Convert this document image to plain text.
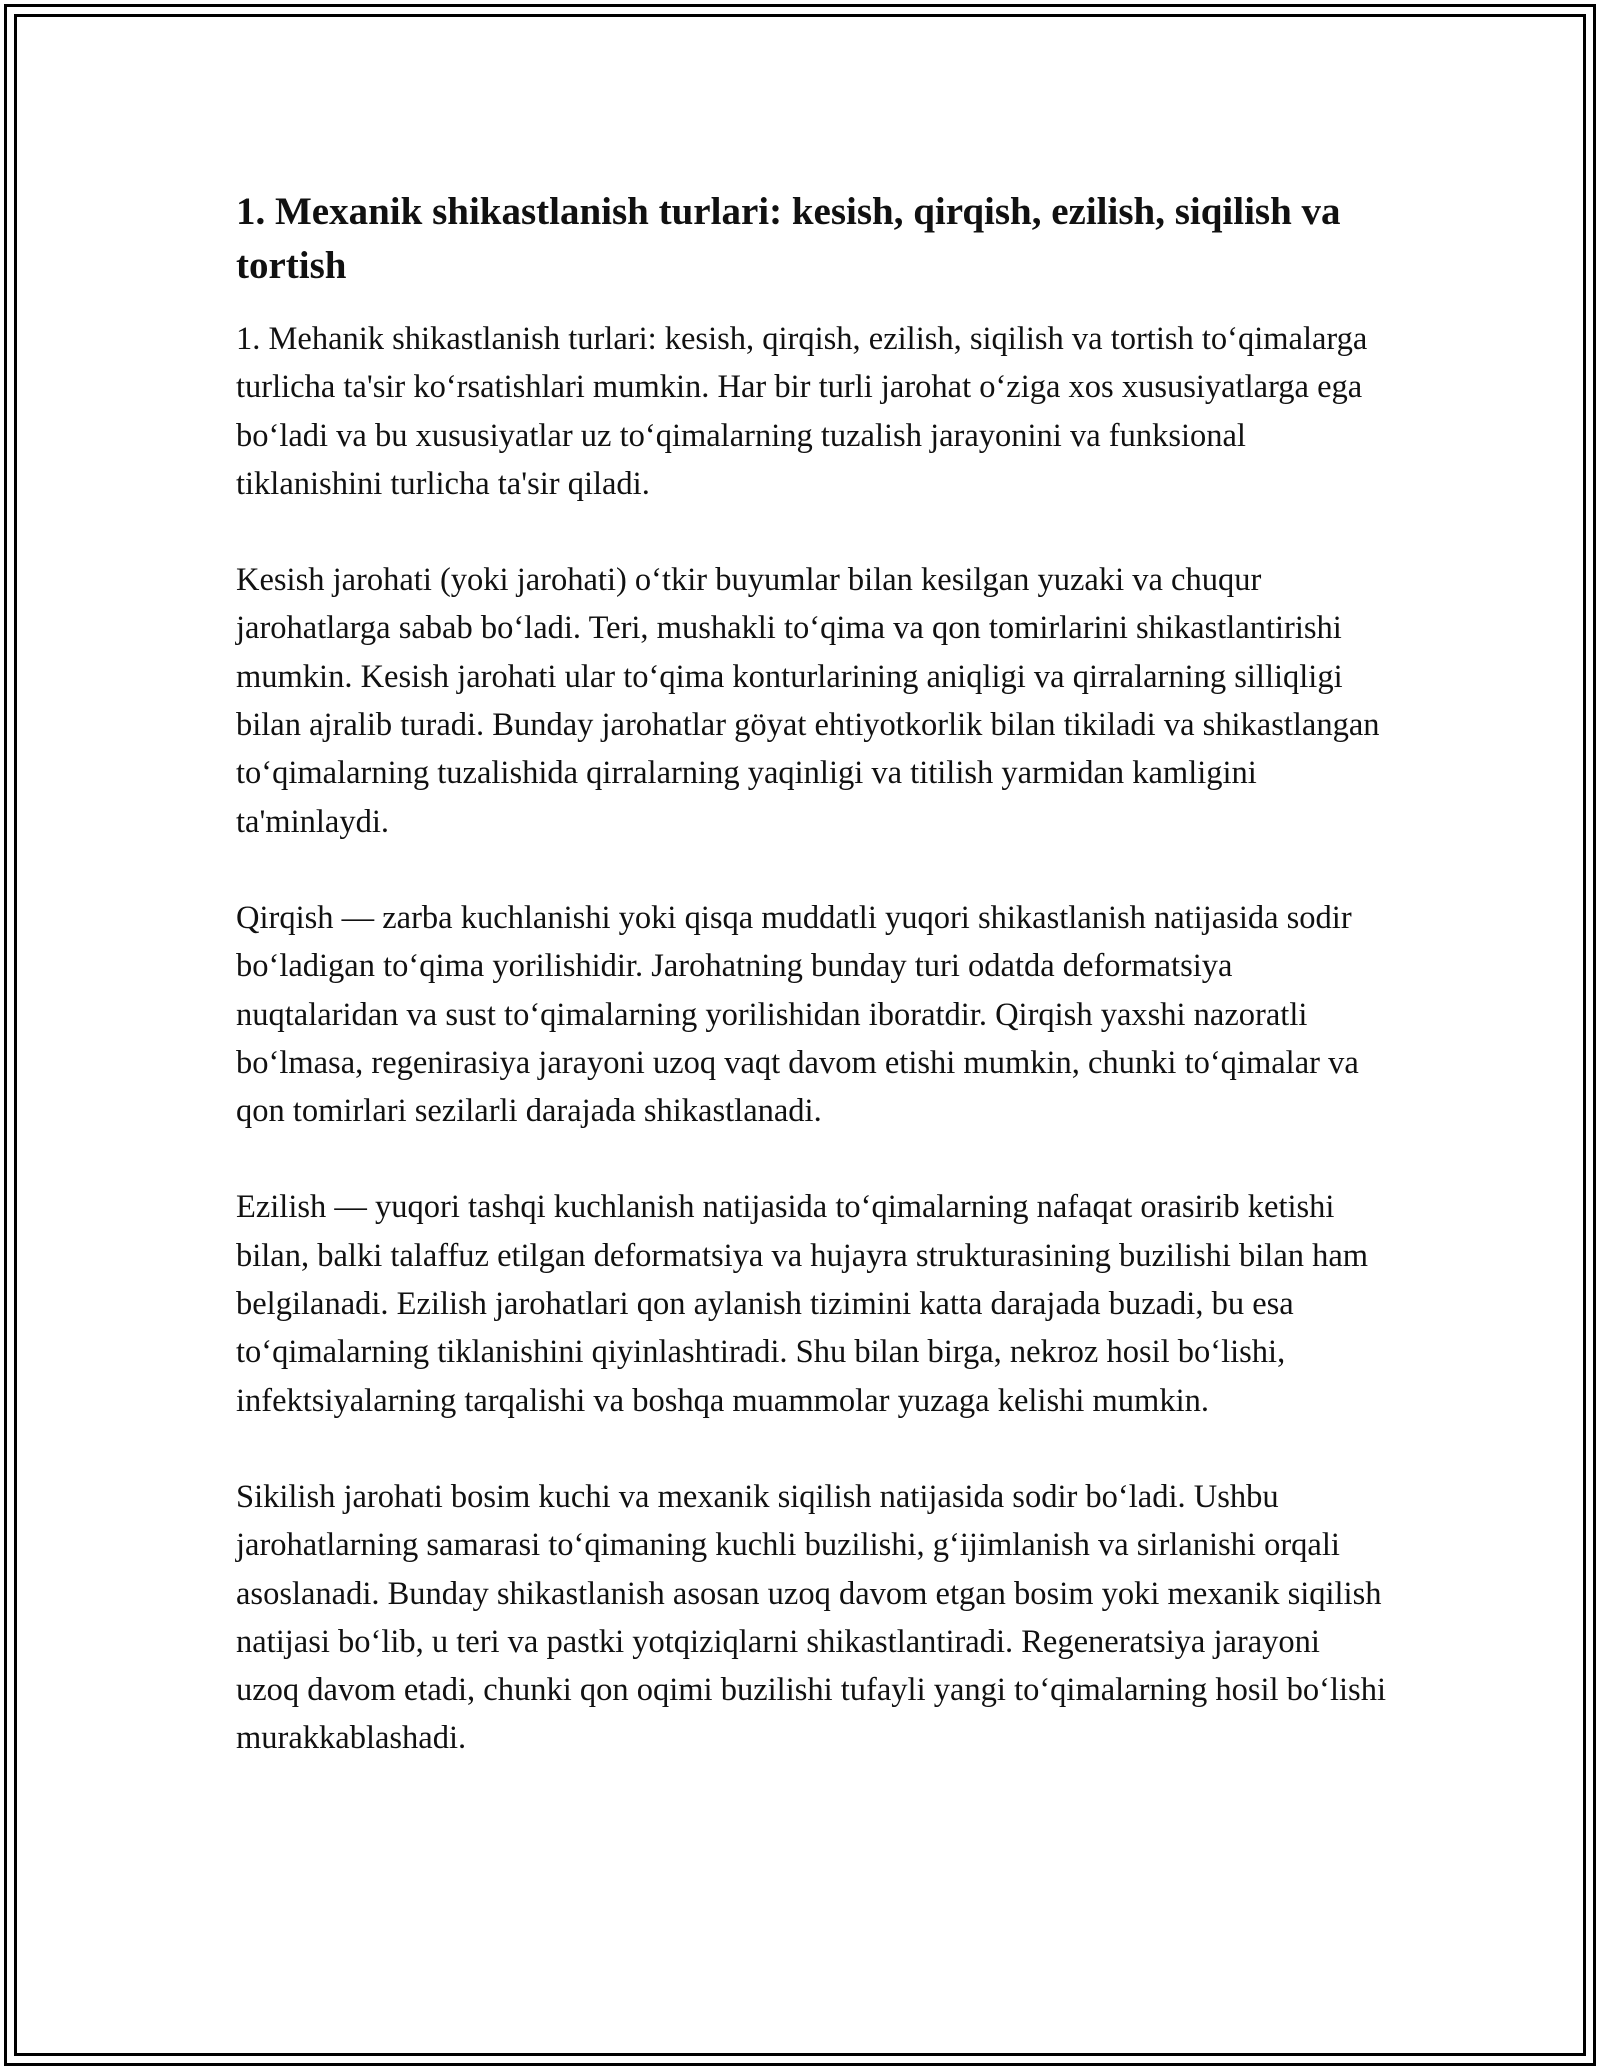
1. Mexanik shikastlanish turlari: kesish, qirqish, ezilish, siqilish va tortish

1. Mehanik shikastlanish turlari: kesish, qirqish, ezilish, siqilish va tortish to‘qimalarga turlicha ta'sir ko‘rsatishlari mumkin. Har bir turli jarohat o‘ziga xos xususiyatlarga ega bo‘ladi va bu xususiyatlar uz to‘qimalarning tuzalish jarayonini va funksional tiklanishini turlicha ta'sir qiladi.

Kesish jarohati (yoki jarohati) o‘tkir buyumlar bilan kesilgan yuzaki va chuqur jarohatlarga sabab bo‘ladi. Teri, mushakli to‘qima va qon tomirlarini shikastlantirishi mumkin. Kesish jarohati ular to‘qima konturlarining aniqligi va qirralarning silliqligi bilan ajralib turadi. Bunday jarohatlar göyat ehtiyotkorlik bilan tikiladi va shikastlangan to‘qimalarning tuzalishida qirralarning yaqinligi va titilish yarmidan kamligini ta'minlaydi.

Qirqish — zarba kuchlanishi yoki qisqa muddatli yuqori shikastlanish natijasida sodir bo‘ladigan to‘qima yorilishidir. Jarohatning bunday turi odatda deformatsiya nuqtalaridan va sust to‘qimalarning yorilishidan iboratdir. Qirqish yaxshi nazoratli bo‘lmasa, regenirasiya jarayoni uzoq vaqt davom etishi mumkin, chunki to‘qimalar va qon tomirlari sezilarli darajada shikastlanadi.

Ezilish — yuqori tashqi kuchlanish natijasida to‘qimalarning nafaqat orasirib ketishi bilan, balki talaffuz etilgan deformatsiya va hujayra strukturasining buzilishi bilan ham belgilanadi. Ezilish jarohatlari qon aylanish tizimini katta darajada buzadi, bu esa to‘qimalarning tiklanishini qiyinlashtiradi. Shu bilan birga, nekroz hosil bo‘lishi, infektsiyalarning tarqalishi va boshqa muammolar yuzaga kelishi mumkin.

Sikilish jarohati bosim kuchi va mexanik siqilish natijasida sodir bo‘ladi. Ushbu jarohatlarning samarasi to‘qimaning kuchli buzilishi, g‘ijimlanish va sirlanishi orqali asoslanadi. Bunday shikastlanish asosan uzoq davom etgan bosim yoki mexanik siqilish natijasi bo‘lib, u teri va pastki yotqiziqlarni shikastlantiradi. Regeneratsiya jarayoni uzoq davom etadi, chunki qon oqimi buzilishi tufayli yangi to‘qimalarning hosil bo‘lishi murakkablashadi.
